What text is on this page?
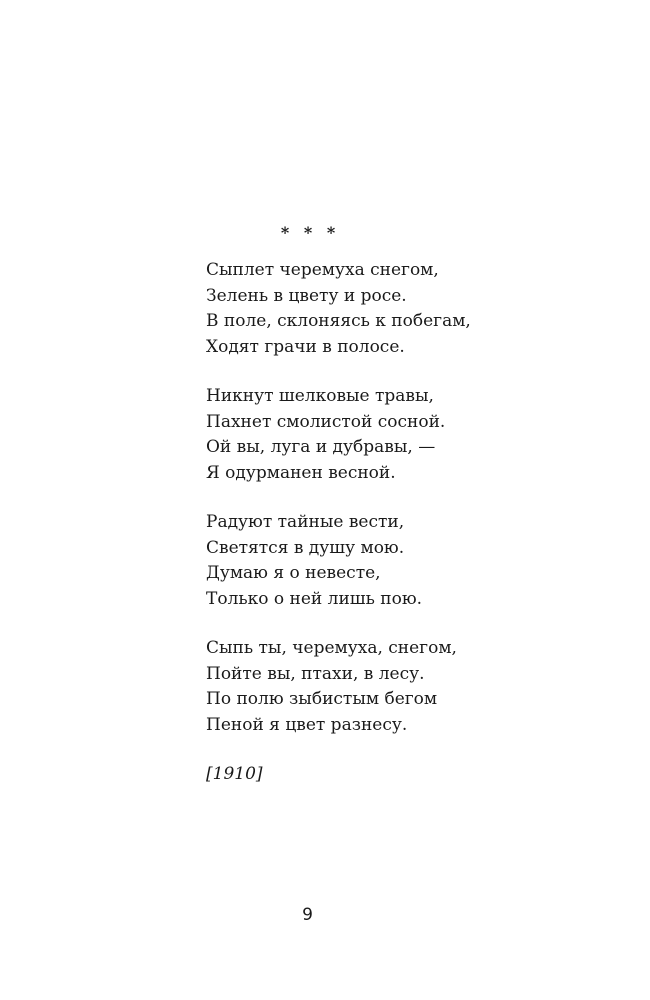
* * *
Сыплет черемуха снегом,
Зелень в цвету и росе.
В поле, склоняясь к побегам,
Ходят грачи в полосе.
Никнут шелковые травы,
Пахнет смолистой сосной.
Ой вы, луга и дубравы, —
Я одурманен весной.
Радуют тайные вести,
Светятся в душу мою.
Думаю я о невесте,
Только о ней лишь пою.
Сыпь ты, черемуха, снегом,
Пойте вы, птахи, в лесу.
По полю зыбистым бегом
Пеной я цвет разнесу.
[1910]
9
